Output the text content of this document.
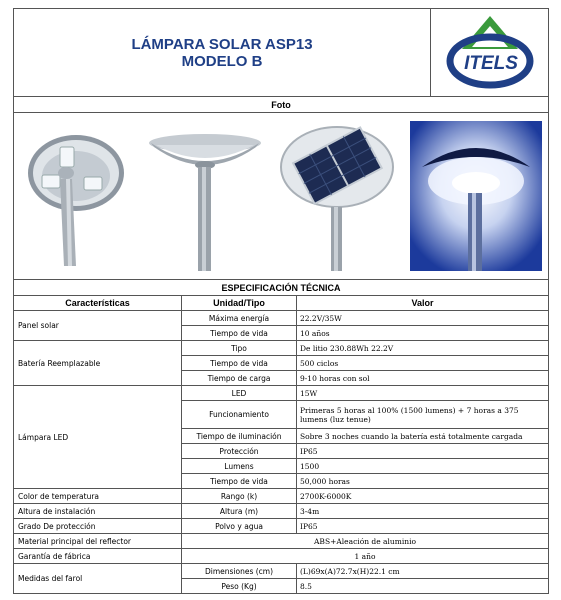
LÁMPARA SOLAR ASP13
MODELO B			ITELS

Foto			

ESPECIFICACIÓN TÉCNICA			
Características	Unidad/Tipo	Valor	
Panel solar	Máxima energía	22.2V/35W	
	Tiempo de vida	10 años	
Batería Reemplazable	Tipo	De litio 230.88Wh 22.2V	
	Tiempo de vida	500 ciclos	
	Tiempo de carga	9-10 horas con sol	
Lámpara LED	LED	15W	
	Funcionamiento	Primeras 5 horas al 100% (1500 lumens) + 7 horas a 375 lumens (luz tenue)	
	Tiempo de iluminación	Sobre 3 noches cuando la batería está totalmente cargada	
	Protección	IP65	
	Lumens	1500	
	Tiempo de vida	50,000 horas	
Color de temperatura	Rango (k)	2700K-6000K	
Altura de instalación	Altura (m)	3-4m	
Grado De protección	Polvo y agua	IP65	
Material principal del reflector	ABS+Aleación de aluminio		
Garantía de fábrica	1 año		
Medidas del farol	Dimensiones (cm)	(L)69x(A)72.7x(H)22.1 cm	
	Peso (Kg)	8.5	
